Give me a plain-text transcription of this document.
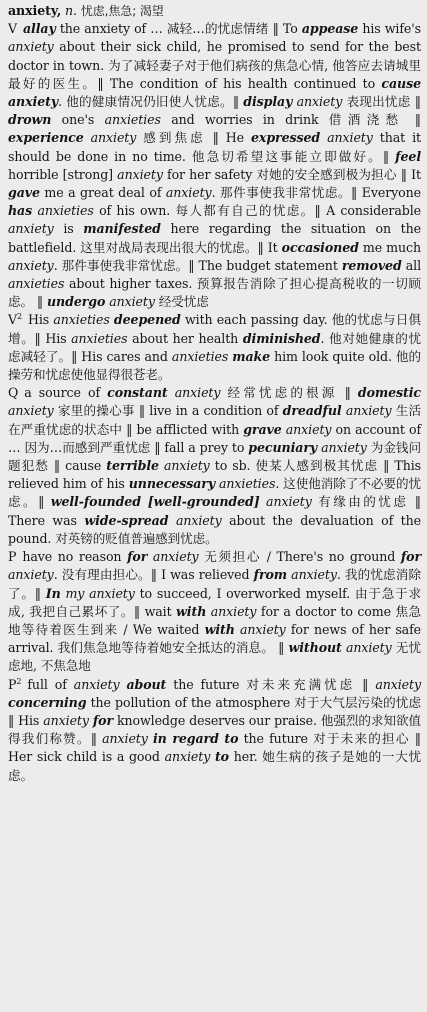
anxiety, n. 忧虑,焦急; 渴望

V allay the anxiety of … 减轻…的忧虑情绪 ‖ To appease his wife's anxiety about their sick child, he promised to send for the best doctor in town. 为了减轻妻子对于他们病孩的焦急心情, 他答应去请城里最好的医生。‖ The condition of his health continued to cause anxiety. 他的健康情况仍旧使人忧虑。‖ display anxiety 表现出忧虑 ‖ drown one's anxieties and worries in drink 借酒浇愁 ‖ experience anxiety 感到焦虑 ‖ He expressed anxiety that it should be done in no time. 他急切希望这事能立即做好。‖ feel horrible [strong] anxiety for her safety 对她的安全感到极为担心 ‖ It gave me a great deal of anxiety. 那件事使我非常忧虑。‖ Everyone has anxieties of his own. 每人都有自己的忧虑。‖ A considerable anxiety is manifested here regarding the situation on the battlefield. 这里对战局表现出很大的忧虑。‖ It occasioned me much anxiety. 那件事使我非常忧虑。‖ The budget statement removed all anxieties about higher taxes. 预算报告消除了担心提高税收的一切顾虑。 ‖ undergo anxiety 经受忧虑

$V^2$ His anxieties deepened with each passing day. 他的忧虑与日俱增。‖ His anxieties about her health diminished. 他对她健康的忧虑减轻了。‖ His cares and anxieties make him look quite old. 他的操劳和忧虑使他显得很苍老。

Q a source of constant anxiety 经常忧虑的根源 ‖ domestic anxiety 家里的操心事 ‖ live in a condition of dreadful anxiety 生活在严重忧虑的状态中 ‖ be afflicted with grave anxiety on account of … 因为…而感到严重忧虑 ‖ fall a prey to pecuniary anxiety 为金钱问题犯愁 ‖ cause terrible anxiety to sb. 使某人感到极其忧虑 ‖ This relieved him of his unnecessary anxieties. 这使他消除了不必要的忧虑。‖ well-founded [well-grounded] anxiety 有缘由的忧虑 ‖ There was wide-spread anxiety about the devaluation of the pound. 对英镑的贬值普遍感到忧虑。

P have no reason for anxiety 无须担心 / There's no ground for anxiety. 没有理由担心。‖ I was relieved from anxiety. 我的忧虑消除了。‖ In my anxiety to succeed, I overworked myself. 由于急于求成, 我把自己累坏了。‖ wait with anxiety for a doctor to come 焦急地等待着医生到来 / We waited with anxiety for news of her safe arrival. 我们焦急地等待着她安全抵达的消息。 ‖ without anxiety 无忧虑地, 不焦急地

$P^2$ full of anxiety about the future 对未来充满忧虑 ‖ anxiety concerning the pollution of the atmosphere 对于大气层污染的忧虑 ‖ His anxiety for knowledge deserves our praise. 他强烈的求知欲值得我们称赞。‖ anxiety in regard to the future 对于未来的担心 ‖ Her sick child is a good anxiety to her. 她生病的孩子是她的一大忧虑。
